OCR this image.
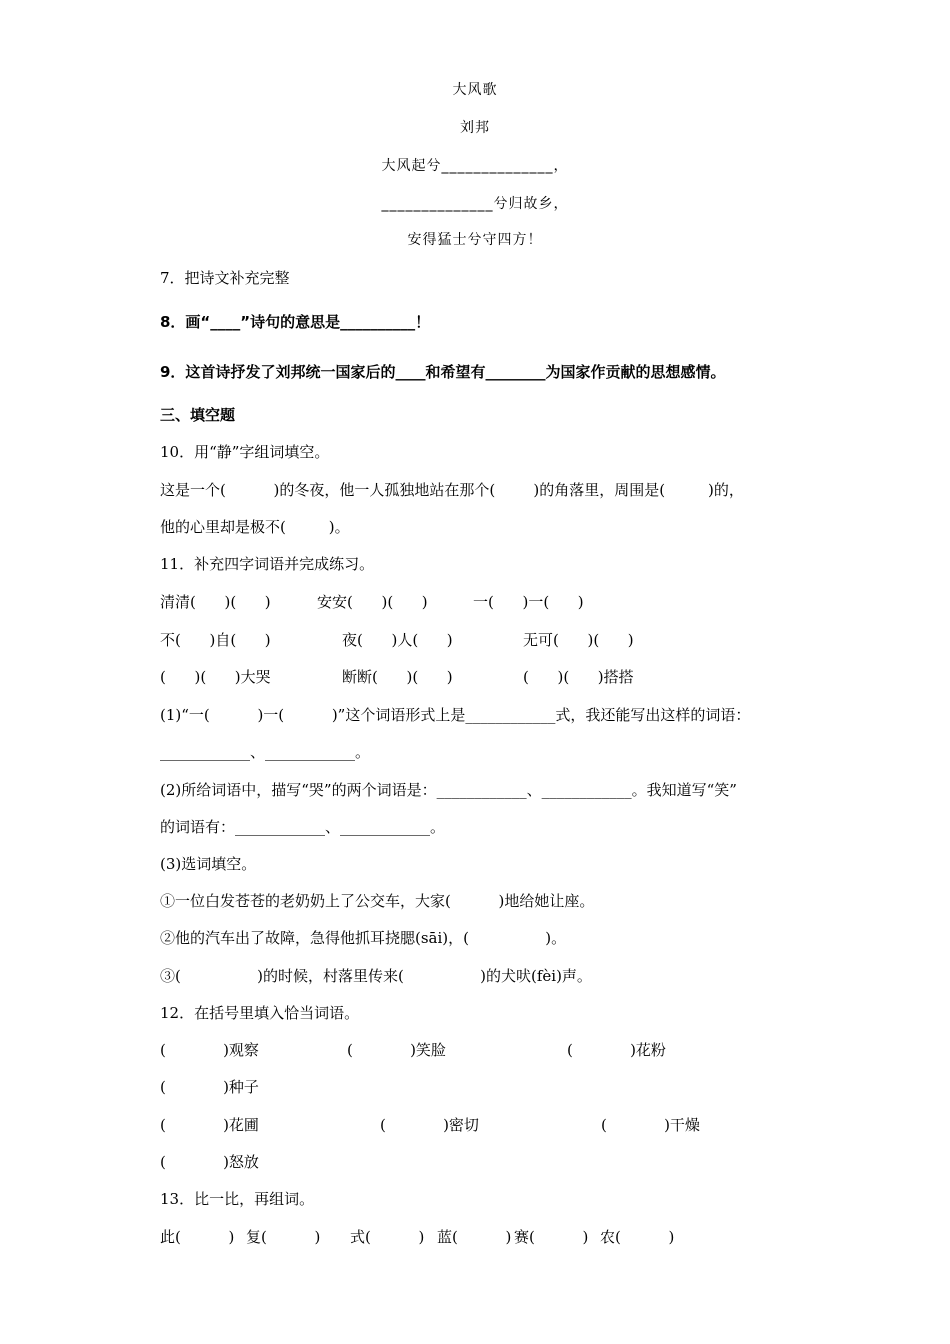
大风歌
刘邦
大风起兮______________，
______________兮归故乡，
安得猛士兮守四方！
7．把诗文补充完整
8．画“____”诗句的意思是__________！
9．这首诗抒发了刘邦统一国家后的____和希望有________为国家作贡献的思想感情。
三、填空题
10．用“静”字组词填空。
这是一个(          )的冬夜，他一人孤独地站在那个(        )的角落里，周围是(         )的，
他的心里却是极不(         )。
11．补充四字词语并完成练习。
清清(      )(      )	安安(      )(      )	一(      )一(      )
不(      )自(      )	夜(      )人(      )	无可(      )(      )
(      )(      )大哭	断断(      )(      )	(      )(      )搭搭
(1)“一(          )一(          )”这个词语形式上是____________式，我还能写出这样的词语：
____________、____________。
(2)所给词语中，描写“哭”的两个词语是：____________、____________。我知道写“笑”
的词语有：____________、____________。
(3)选词填空。
①一位白发苍苍的老奶奶上了公交车，大家(          )地给她让座。
②他的汽车出了故障，急得他抓耳挠腮(sāi)，(                )。
③(                )的时候，村落里传来(                )的犬吠(fèi)声。
12．在括号里填入恰当词语。
(            )观察	(            )笑脸	(            )花粉
(            )种子
(            )花圃	(            )密切	(            )干燥
(            )怒放
13．比一比，再组词。
此(          ) 复(          ) 式(          ) 蓝(          ) 赛(          ) 农(          )
